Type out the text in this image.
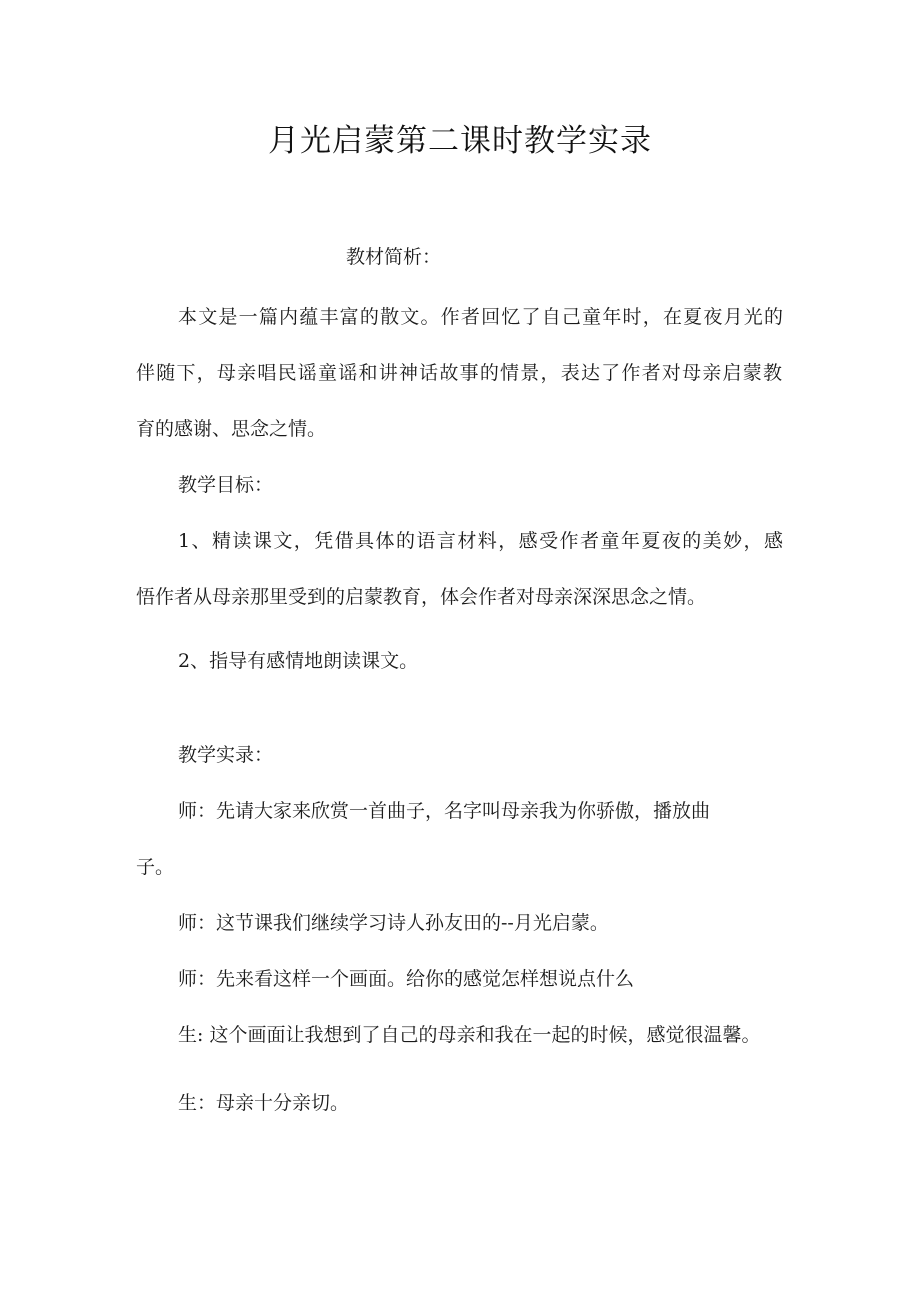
月光启蒙第二课时教学实录
教材简析：
本文是一篇内蕴丰富的散文。作者回忆了自己童年时，在夏夜月光的
伴随下，母亲唱民谣童谣和讲神话故事的情景，表达了作者对母亲启蒙教
育的感谢、思念之情。
教学目标：
1、精读课文，凭借具体的语言材料，感受作者童年夏夜的美妙，感
悟作者从母亲那里受到的启蒙教育，体会作者对母亲深深思念之情。
2、指导有感情地朗读课文。
教学实录：
师：先请大家来欣赏一首曲子，名字叫母亲我为你骄傲，播放曲
子。
师：这节课我们继续学习诗人孙友田的--月光启蒙。
师：先来看这样一个画面。给你的感觉怎样想说点什么
生: 这个画面让我想到了自己的母亲和我在一起的时候，感觉很温馨。
生：母亲十分亲切。
